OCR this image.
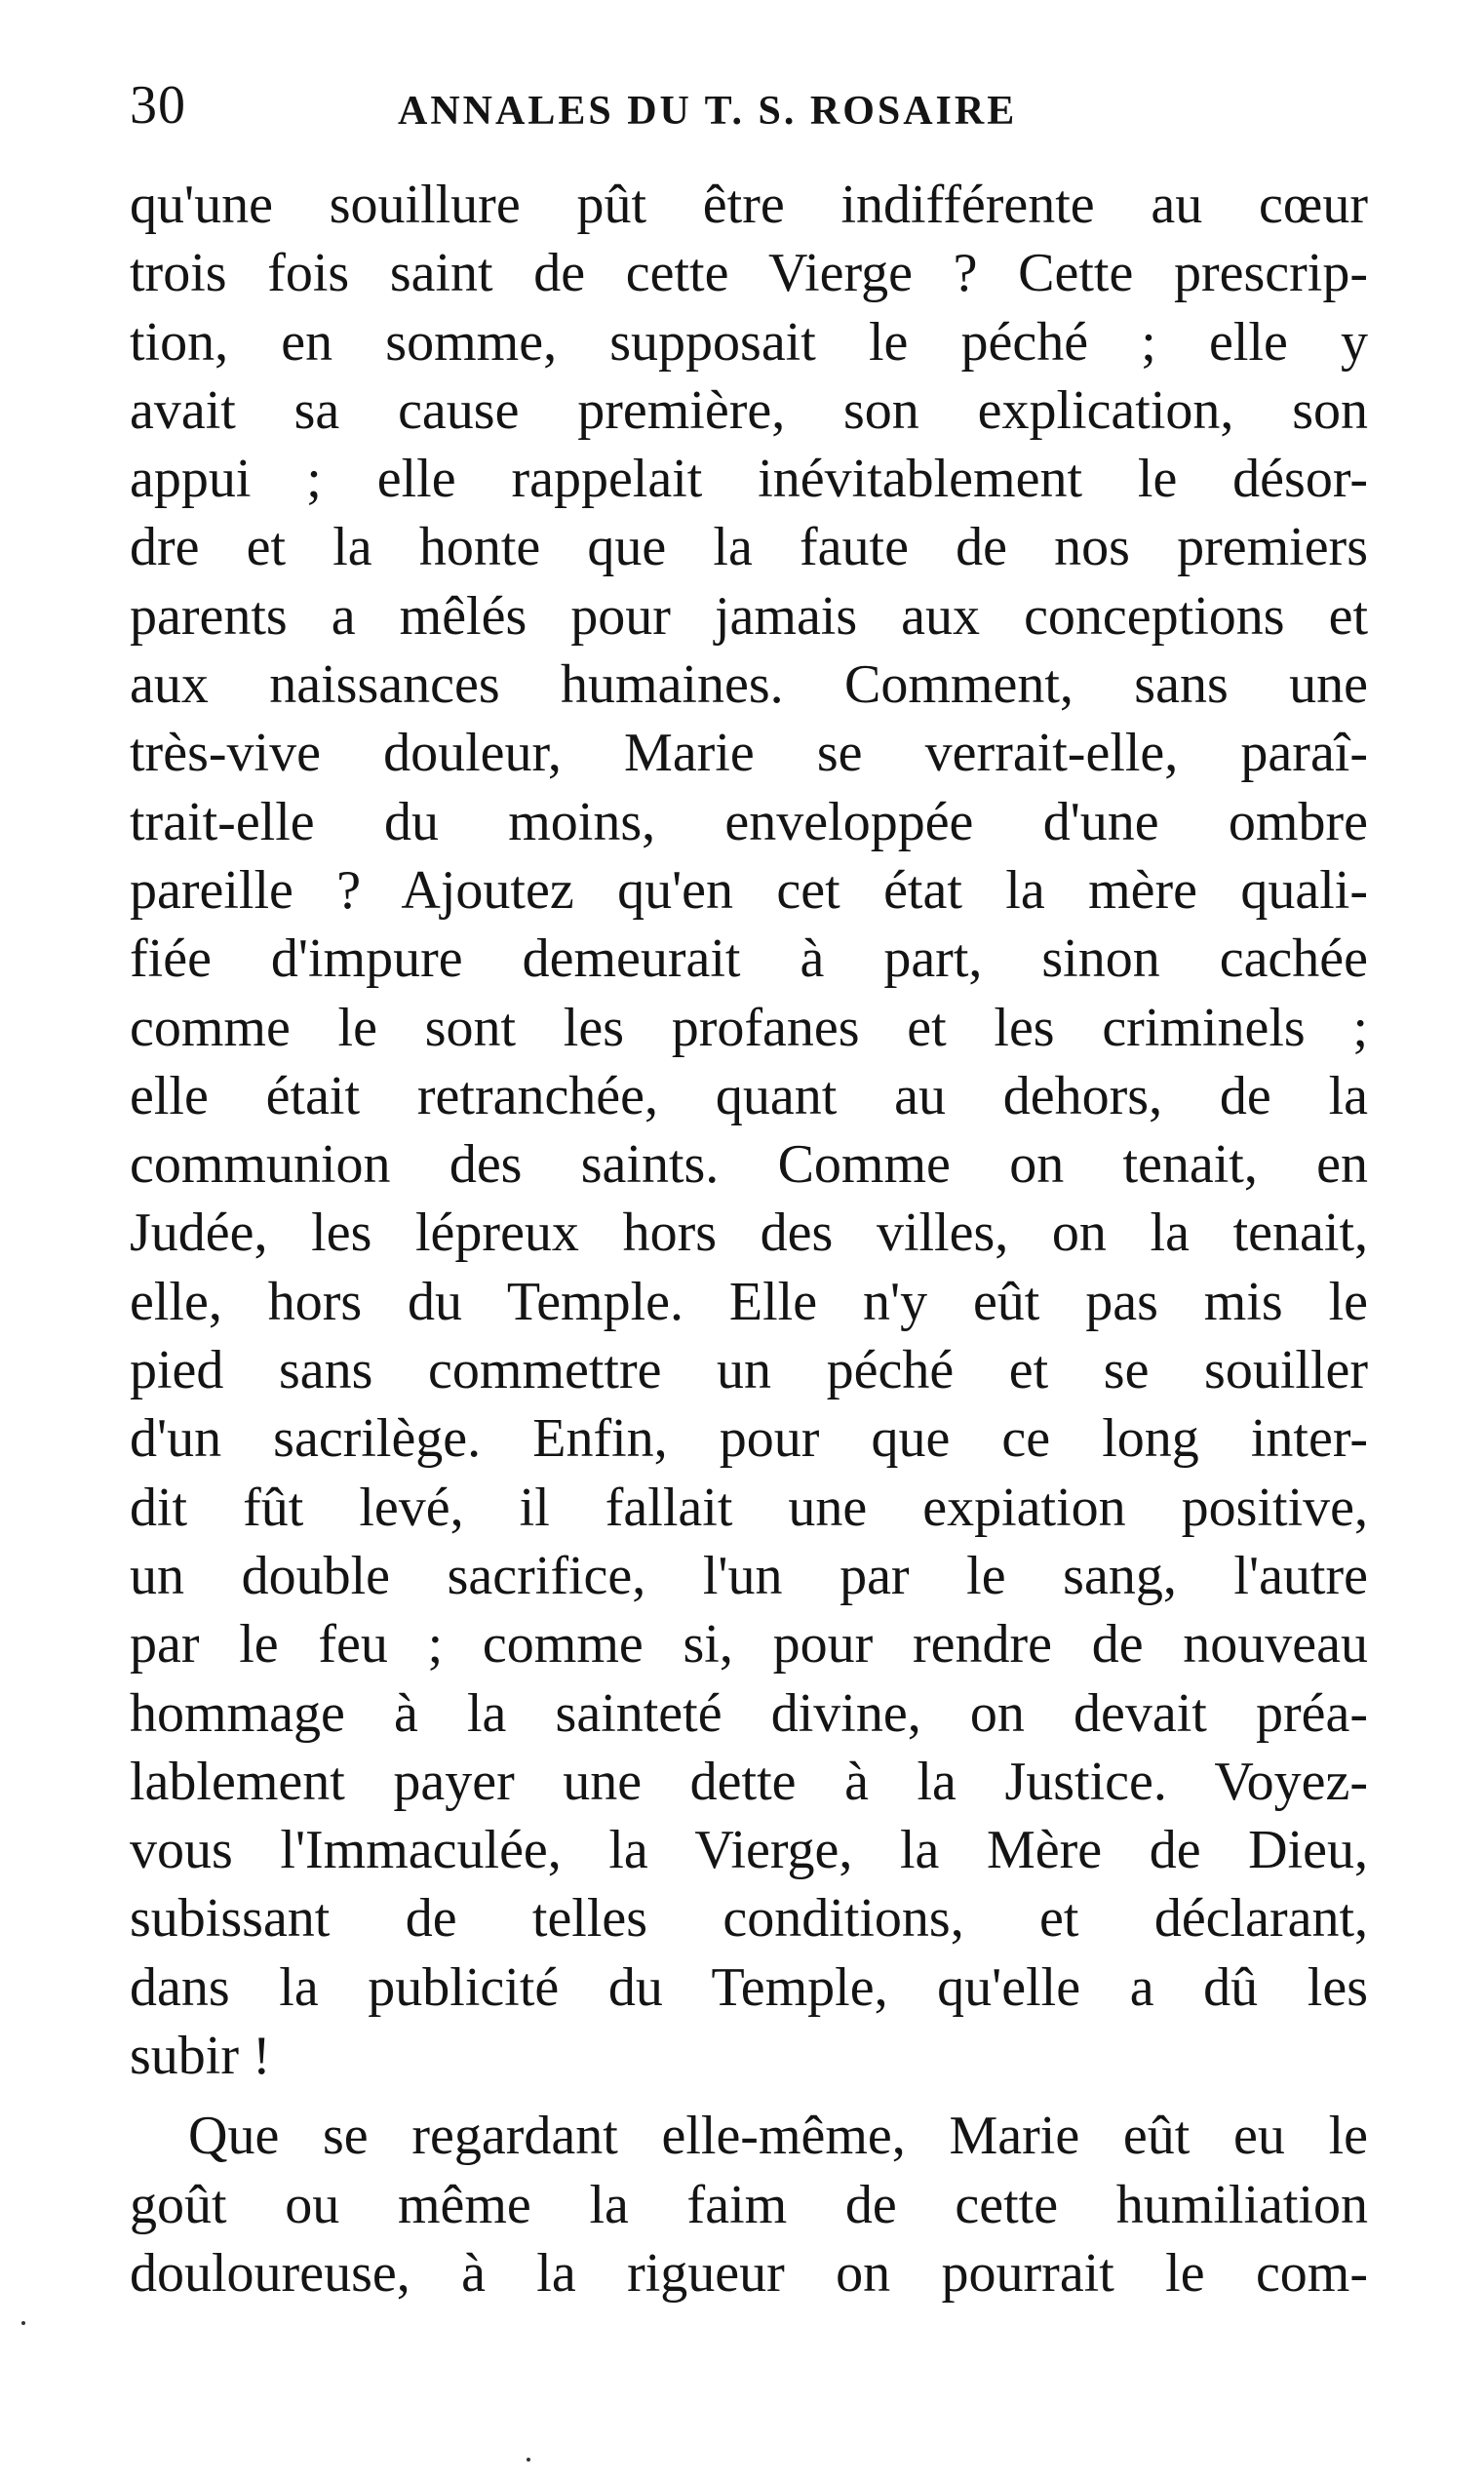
30	ANNALES DU T. S. ROSAIRE
qu'une souillure pût être indifférente au cœur
trois fois saint de cette Vierge ? Cette prescrip-
tion, en somme, supposait le péché ; elle y
avait sa cause première, son explication, son
appui ; elle rappelait inévitablement le désor-
dre et la honte que la faute de nos premiers
parents a mêlés pour jamais aux conceptions et
aux naissances humaines. Comment, sans une
très-vive douleur, Marie se verrait-elle, paraî-
trait-elle du moins, enveloppée d'une ombre
pareille ? Ajoutez qu'en cet état la mère quali-
fiée d'impure demeurait à part, sinon cachée
comme le sont les profanes et les criminels ;
elle était retranchée, quant au dehors, de la
communion des saints. Comme on tenait, en
Judée, les lépreux hors des villes, on la tenait,
elle, hors du Temple. Elle n'y eût pas mis le
pied sans commettre un péché et se souiller
d'un sacrilège. Enfin, pour que ce long inter-
dit fût levé, il fallait une expiation positive,
un double sacrifice, l'un par le sang, l'autre
par le feu ; comme si, pour rendre de nouveau
hommage à la sainteté divine, on devait préa-
lablement payer une dette à la Justice. Voyez-
vous l'Immaculée, la Vierge, la Mère de Dieu,
subissant de telles conditions, et déclarant,
dans la publicité du Temple, qu'elle a dû les
subir !
Que se regardant elle-même, Marie eût eu le
goût ou même la faim de cette humiliation
douloureuse, à la rigueur on pourrait le com-
